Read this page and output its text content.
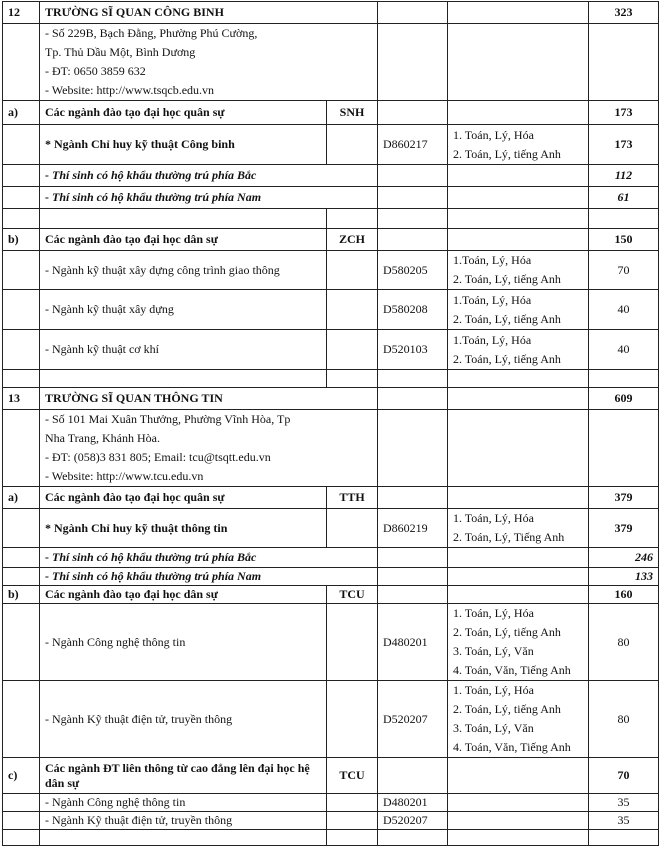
12	TRƯỜNG SĨ QUAN CÔNG BINH				323

	- Số 229B, Bạch Đằng, Phường Phú Cường,
Tp. Thủ Dầu Một, Bình Dương
- ĐT: 0650 3859 632
- Website: http://www.tsqcb.edu.vn				

a)	Các ngành đào tạo đại học quân sự	SNH			173
	* Ngành Chỉ huy kỹ thuật Công binh		D860217	1. Toán, Lý, Hóa
2. Toán, Lý, tiếng Anh	173
	- Thí sinh có hộ khẩu thường trú phía Bắc				112
	- Thí sinh có hộ khẩu thường trú phía Nam				61

b)	Các ngành đào tạo đại học dân sự	ZCH			150
	- Ngành kỹ thuật xây dựng công trình giao thông		D580205	1.Toán, Lý, Hóa
2. Toán, Lý, tiếng Anh	70
	- Ngành kỹ thuật xây dựng		D580208	1.Toán, Lý, Hóa
2. Toán, Lý, tiếng Anh	40
	- Ngành kỹ thuật cơ khí		D520103	1.Toán, Lý, Hóa
2. Toán, Lý, tiếng Anh	40

13	TRƯỜNG SĨ QUAN THÔNG TIN				609

	- Số 101 Mai Xuân Thưởng, Phường Vĩnh Hòa, Tp
Nha Trang, Khánh Hòa.
- ĐT: (058)3 831 805; Email: tcu@tsqtt.edu.vn
- Website: http://www.tcu.edu.vn				

a)	Các ngành đào tạo đại học quân sự	TTH			379
	* Ngành Chỉ huy kỹ thuật thông tin		D860219	1. Toán, Lý, Hóa
2. Toán, Lý, Tiếng Anh	379
	- Thí sinh có hộ khẩu thường trú phía Bắc				246
	- Thí sinh có hộ khẩu thường trú phía Nam				133
b)	Các ngành đào tạo đại học dân sự	TCU			160
	- Ngành Công nghệ thông tin		D480201	1. Toán, Lý, Hóa
2. Toán, Lý, tiếng Anh
3. Toán, Lý, Văn
4. Toán, Văn, Tiếng Anh	80
	- Ngành Kỹ thuật điện tử, truyền thông		D520207	1. Toán, Lý, Hóa
2. Toán, Lý, tiếng Anh
3. Toán, Lý, Văn
4. Toán, Văn, Tiếng Anh	80
c)	Các ngành ĐT liên thông từ cao đẳng lên đại học hệ dân sự	TCU			70
	- Ngành Công nghệ thông tin		D480201		35
	- Ngành Kỹ thuật điện tử, truyền thông		D520207		35
